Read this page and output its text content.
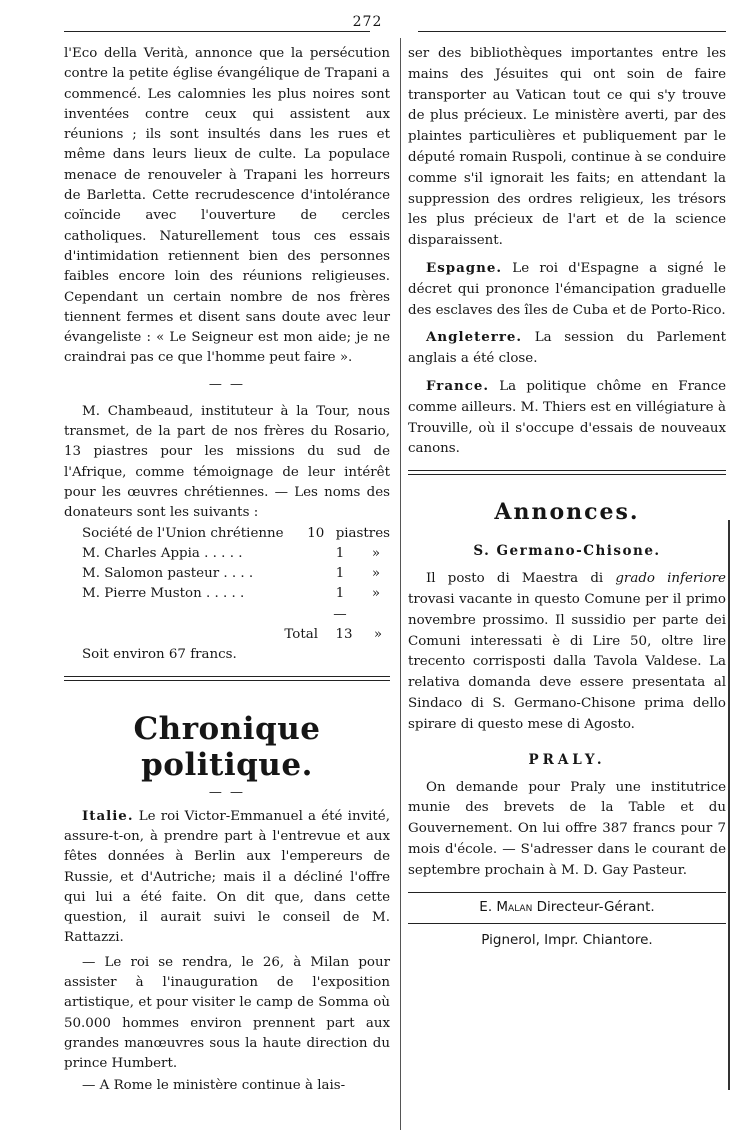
272

l'Eco della Verità, annonce que la persécution contre la petite église évangélique de Trapani a commencé. Les calomnies les plus noires sont inventées contre ceux qui assistent aux réunions ; ils sont insultés dans les rues et même dans leurs lieux de culte. La populace menace de renouveler à Trapani les horreurs de Barletta. Cette recrudescence d'intolérance coïncide avec l'ouverture de cercles catholiques. Naturellement tous ces essais d'intimidation retiennent bien des personnes faibles encore loin des réunions religieuses. Cependant un certain nombre de nos frères tiennent fermes et disent sans doute avec leur évangeliste : « Le Seigneur est mon aide; je ne craindrai pas ce que l'homme peut faire ».

— —

M. Chambeaud, instituteur à la Tour, nous transmet, de la part de nos frères du Rosario, 13 piastres pour les missions du sud de l'Afrique, comme témoignage de leur intérêt pour les œuvres chrétiennes. — Les noms des donateurs sont les suivants :

Société de l'Union chrétienne	10 piastres
M. Charles Appia . . . . .	1	»
M. Salomon pasteur . . . .	1	»
M. Pierre Muston . . . . .	1	»
—
Total	13	»
Soit environ 67 francs.
Chronique politique.
— —

Italie. Le roi Victor-Emmanuel a été invité, assure-t-on, à prendre part à l'entrevue et aux fêtes données à Berlin aux l'empereurs de Russie, et d'Autriche; mais il a décliné l'offre qui lui a été faite. On dit que, dans cette question, il aurait suivi le conseil de M. Rattazzi.

— Le roi se rendra, le 26, à Milan pour assister à l'inauguration de l'exposition artistique, et pour visiter le camp de Somma où 50.000 hommes environ prennent part aux grandes manœuvres sous la haute direction du prince Humbert.

— A Rome le ministère continue à lais-

ser des bibliothèques importantes entre les mains des Jésuites qui ont soin de faire transporter au Vatican tout ce qui s'y trouve de plus précieux. Le ministère averti, par des plaintes particulières et publiquement par le député romain Ruspoli, continue à se conduire comme s'il ignorait les faits; en attendant la suppression des ordres religieux, les trésors les plus précieux de l'art et de la science disparaissent.

Espagne. Le roi d'Espagne a signé le décret qui prononce l'émancipation graduelle des esclaves des îles de Cuba et de Porto-Rico.

Angleterre. La session du Parlement anglais a été close.

France. La politique chôme en France comme ailleurs. M. Thiers est en villégiature à Trouville, où il s'occupe d'essais de nouveaux canons.

Annonces.
S. Germano-Chisone.

Il posto di Maestra di grado inferiore trovasi vacante in questo Comune per il primo novembre prossimo. Il sussidio per parte dei Comuni interessati è di Lire 50, oltre lire trecento corrisposti dalla Tavola Valdese. La relativa domanda deve essere presentata al Sindaco di S. Germano-Chisone prima dello spirare di questo mese di Agosto.

PRALY.

On demande pour Praly une institutrice munie des brevets de la Table et du Gouvernement. On lui offre 387 francs pour 7 mois d'école. — S'adresser dans le courant de septembre prochain à M. D. Gay Pasteur.

E. Malan Directeur-Gérant.
Pignerol, Impr. Chiantore.
